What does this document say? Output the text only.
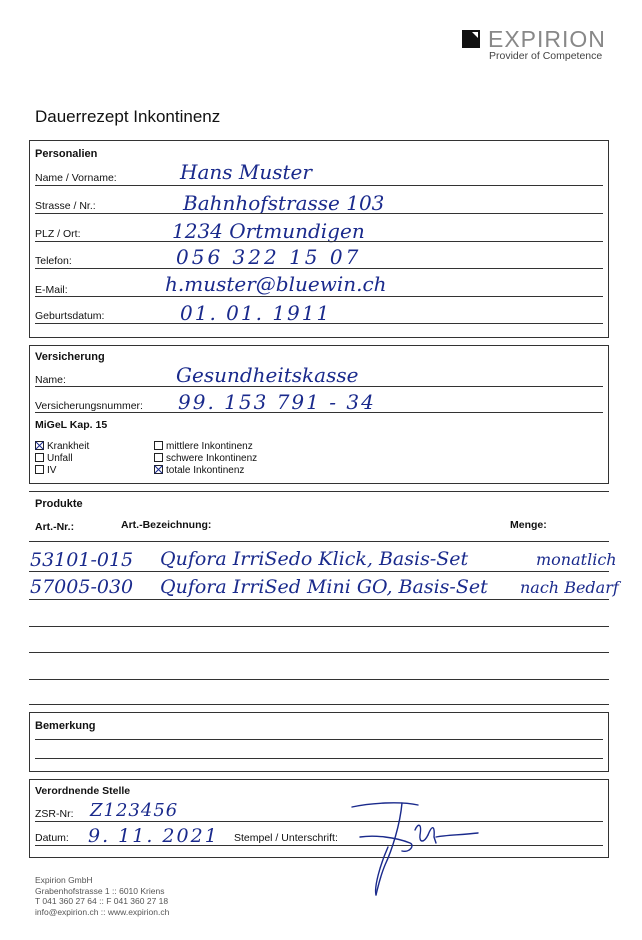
EXPIRION
Provider of Competence
Dauerrezept Inkontinenz
Personalien
Name / Vorname:	Hans Muster
Strasse / Nr.:	Bahnhofstrasse 103
PLZ / Ort:	1234 Ortmundigen
Telefon:	056 322 15 07
E-Mail:	h.muster@bluewin.ch
Geburtsdatum:	01. 01. 1911
Versicherung
Name:	Gesundheitskasse
Versicherungsnummer: 99. 153 791 - 34
MiGeL Kap. 15
Krankheit
Unfall
IV
mittlere Inkontinenz
schwere Inkontinenz
totale Inkontinenz
Produkte
Art.-Nr.:	Art.-Bezeichnung:	Menge:
53101-015 Qufora IrriSedo Klick, Basis-Set	monatlich
57005-030 Qufora IrriSed Mini GO, Basis-Set nach Bedarf
Bemerkung
Verordnende Stelle
ZSR-Nr: Z123456
Datum: 9. 11. 2021 Stempel / Unterschrift:
Expirion GmbH
Grabenhofstrasse 1 :: 6010 Kriens
T 041 360 27 64 :: F 041 360 27 18
info@expirion.ch :: www.expirion.ch
